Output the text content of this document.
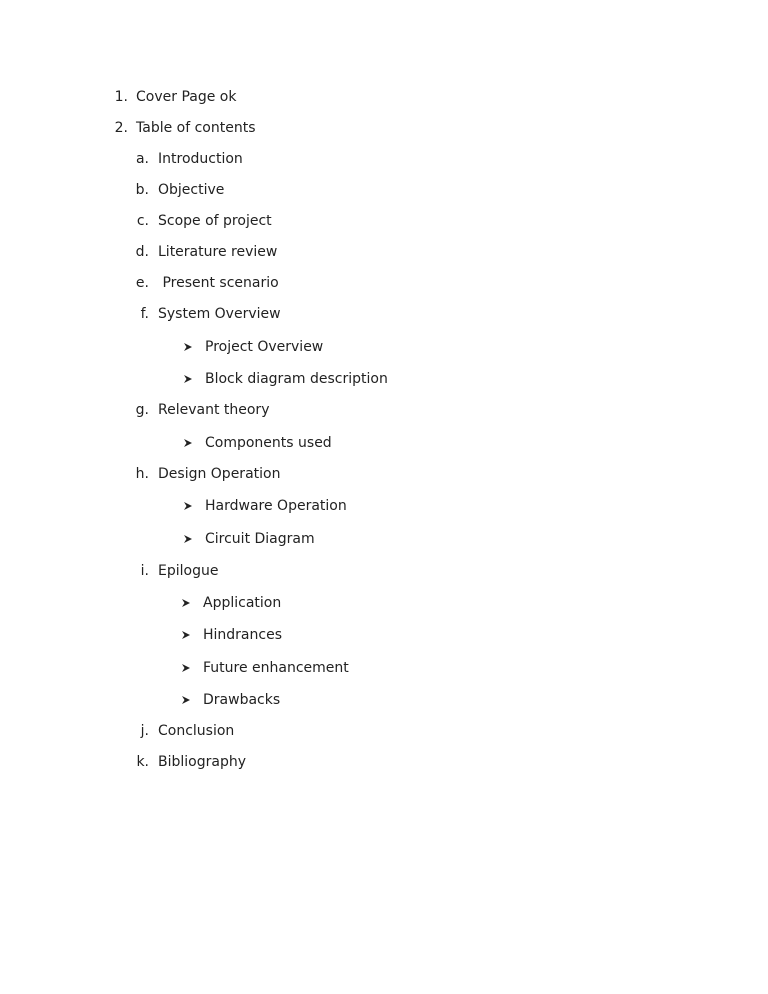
1. Cover Page ok
2. Table of contents
a. Introduction
b. Objective
c. Scope of project
d. Literature review
e. Present scenario
f. System Overview
Project Overview
Block diagram description
g. Relevant theory
Components used
h. Design Operation
Hardware Operation
Circuit Diagram
i. Epilogue
Application
Hindrances
Future enhancement
Drawbacks
j. Conclusion
k. Bibliography
